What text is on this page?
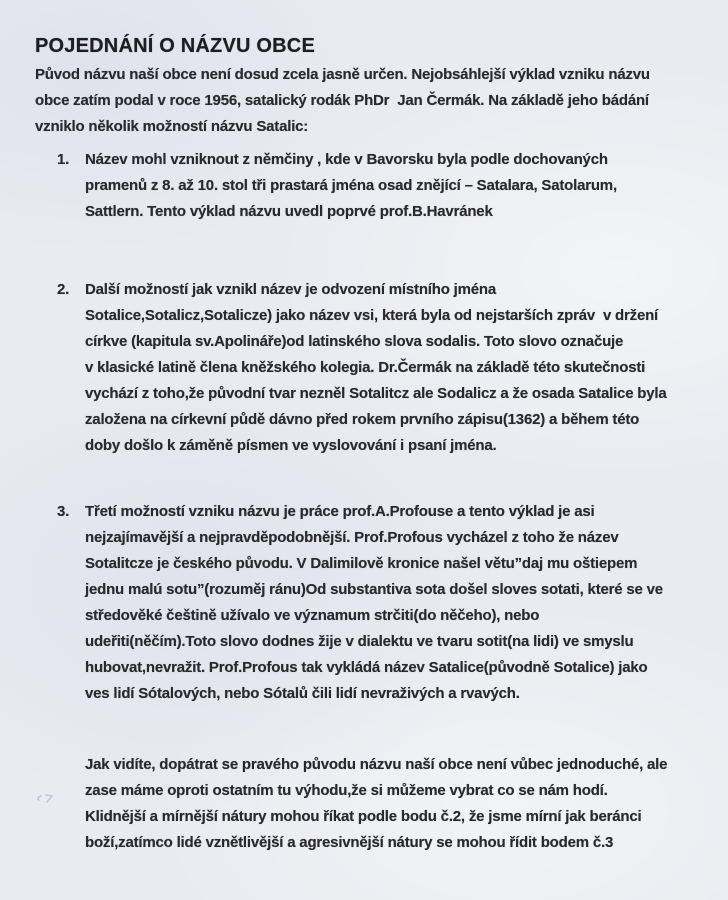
POJEDNÁNÍ O NÁZVU OBCE
Původ názvu naší obce není dosud zcela jasně určen. Nejobsáhlejší výklad vzniku názvu
obce zatím podal v roce 1956, satalický rodák PhDr  Jan Čermák. Na základě jeho bádání
vzniklo několik možností názvu Satalic:
1.	Název mohl vzniknout z němčiny , kde v Bavorsku byla podle dochovaných
pramenů z 8. až 10. stol tři prastará jména osad znějící – Satalara, Satolarum,
Sattlern. Tento výklad názvu uvedl poprvé prof.B.Havránek
2.	Další možností jak vznikl název je odvození místního jména
Sotalice,Sotalicz,Sotalicze) jako název vsi, která byla od nejstarších zpráv  v držení
církve (kapitula sv.Apolináře)od latinského slova sodalis. Toto slovo označuje
v klasické latině člena kněžského kolegia. Dr.Čermák na základě této skutečnosti
vychází z toho,že původní tvar nezněl Sotalitcz ale Sodalicz a že osada Satalice byla
založena na církevní půdě dávno před rokem prvního zápisu(1362) a během této
doby došlo k záměně písmen ve vyslovování i psaní jména.
3.	Třetí možností vzniku názvu je práce prof.A.Profouse a tento výklad je asi
nejzajímavější a nejpravděpodobnější. Prof.Profous vycházel z toho že název
Sotalitcze je českého původu. V Dalimilově kronice našel větu”daj mu oštiepem
jednu malú sotu”(rozuměj ránu)Od substantiva sota došel sloves sotati, které se ve
středověké češtině užívalo ve významum strčiti(do něčeho), nebo
udeřiti(něčím).Toto slovo dodnes žije v dialektu ve tvaru sotit(na lidi) ve smyslu
hubovat,nevražit. Prof.Profous tak vykládá název Satalice(původně Sotalice) jako
ves lidí Sótalových, nebo Sótalů čili lidí nevraživých a rvavých.
Jak vidíte, dopátrat se pravého původu názvu naší obce není vůbec jednoduché, ale
zase máme oproti ostatním tu výhodu,že si můžeme vybrat co se nám hodí.
Klidnější a mírnější nátury mohou říkat podle bodu č.2, že jsme mírní jak beránci
boží,zatímco lidé vznětlivější a agresivnější nátury se mohou řídit bodem č.3
